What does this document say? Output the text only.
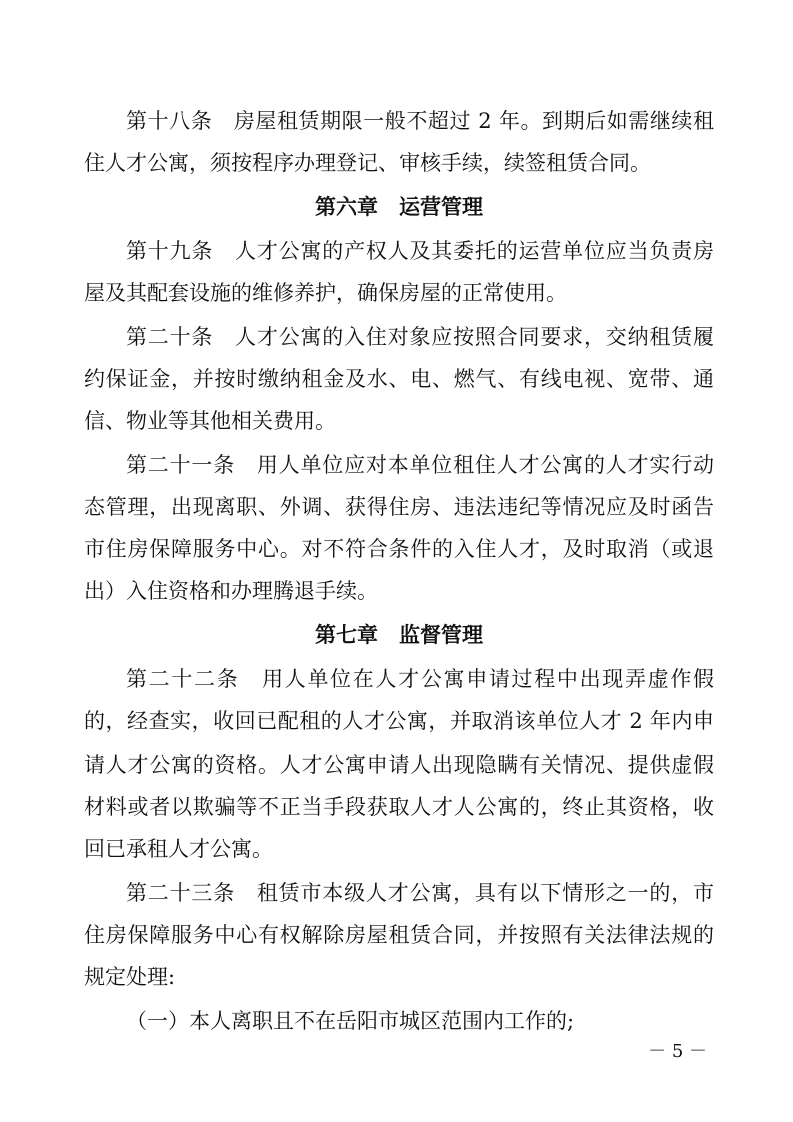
第十八条　房屋租赁期限一般不超过 2 年。到期后如需继续租
住人才公寓，须按程序办理登记、审核手续，续签租赁合同。
第六章　运营管理
第十九条　人才公寓的产权人及其委托的运营单位应当负责房
屋及其配套设施的维修养护，确保房屋的正常使用。
第二十条　人才公寓的入住对象应按照合同要求，交纳租赁履
约保证金，并按时缴纳租金及水、电、燃气、有线电视、宽带、通
信、物业等其他相关费用。
第二十一条　用人单位应对本单位租住人才公寓的人才实行动
态管理，出现离职、外调、获得住房、违法违纪等情况应及时函告
市住房保障服务中心。对不符合条件的入住人才，及时取消（或退
出）入住资格和办理腾退手续。
第七章　监督管理
第二十二条　用人单位在人才公寓申请过程中出现弄虚作假
的，经查实，收回已配租的人才公寓，并取消该单位人才 2 年内申
请人才公寓的资格。人才公寓申请人出现隐瞒有关情况、提供虚假
材料或者以欺骗等不正当手段获取人才人公寓的，终止其资格，收
回已承租人才公寓。
第二十三条　租赁市本级人才公寓，具有以下情形之一的，市
住房保障服务中心有权解除房屋租赁合同，并按照有关法律法规的
规定处理:
（一）本人离职且不在岳阳市城区范围内工作的;
－ 5 －
